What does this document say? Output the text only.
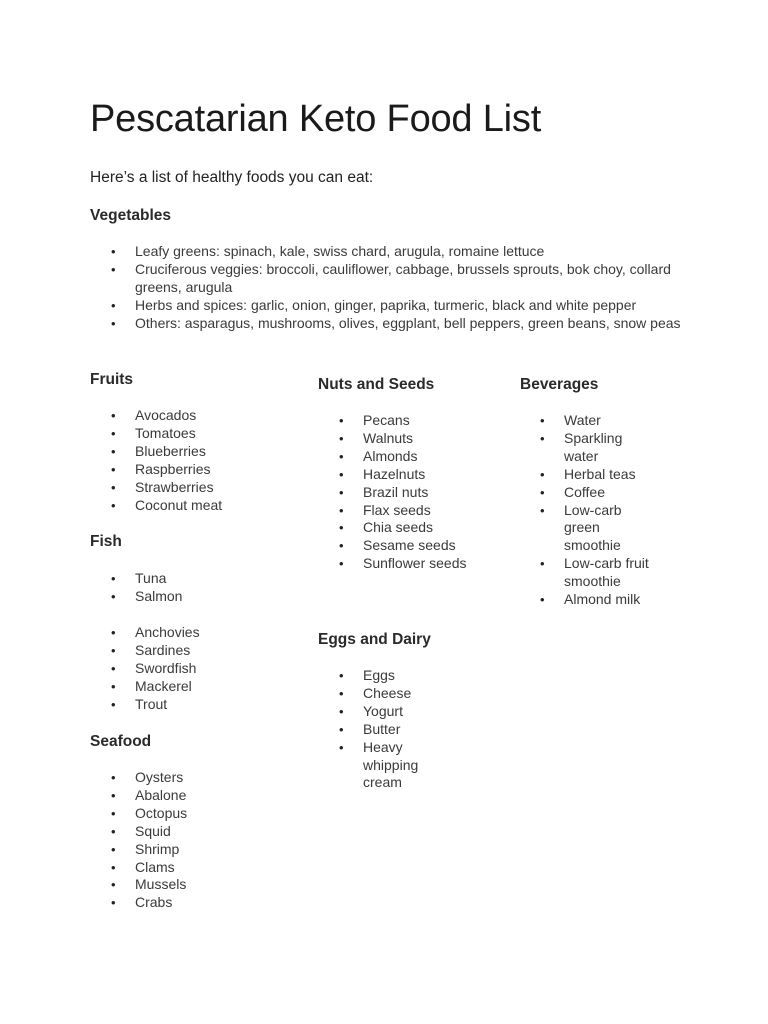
Pescatarian Keto Food List

Here’s a list of healthy foods you can eat:

Vegetables
• Leafy greens: spinach, kale, swiss chard, arugula, romaine lettuce
• Cruciferous veggies: broccoli, cauliflower, cabbage, brussels sprouts, bok choy, collard greens, arugula
• Herbs and spices: garlic, onion, ginger, paprika, turmeric, black and white pepper
• Others: asparagus, mushrooms, olives, eggplant, bell peppers, green beans, snow peas
Fruits
• Avocados
• Tomatoes
• Blueberries
• Raspberries
• Strawberries
• Coconut meat
Fish
• Tuna
• Salmon
• Anchovies
• Sardines
• Swordfish
• Mackerel
• Trout
Seafood
• Oysters
• Abalone
• Octopus
• Squid
• Shrimp
• Clams
• Mussels
• Crabs
Nuts and Seeds
• Pecans
• Walnuts
• Almonds
• Hazelnuts
• Brazil nuts
• Flax seeds
• Chia seeds
• Sesame seeds
• Sunflower seeds
Eggs and Dairy
• Eggs
• Cheese
• Yogurt
• Butter
• Heavy whipping cream
Beverages
• Water
• Sparkling water
• Herbal teas
• Coffee
• Low-carb green smoothie
• Low-carb fruit smoothie
• Almond milk
